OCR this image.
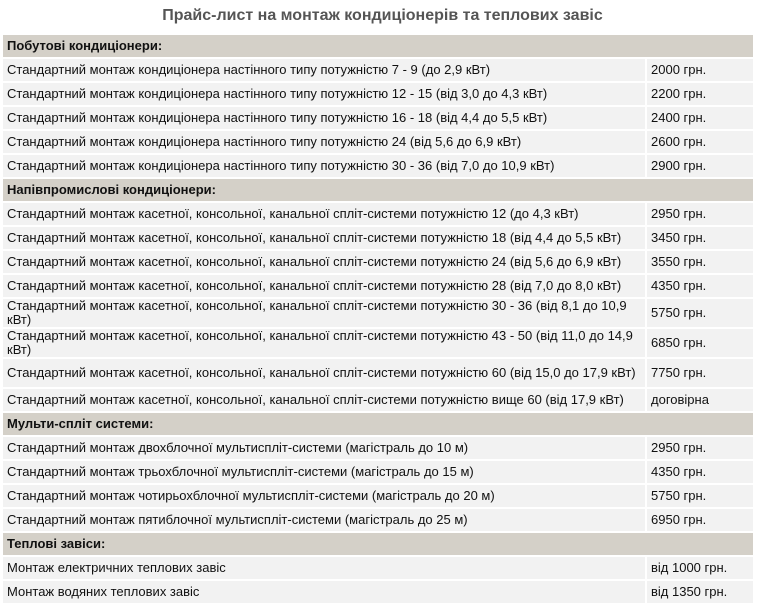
Прайс-лист на монтаж кондиціонерів та теплових завіс
Побутові кондиціонери:	
Стандартний монтаж кондиціонера настінного типу потужністю 7 - 9 (до 2,9 кВт)	2000 грн.
Стандартний монтаж кондиціонера настінного типу потужністю 12 - 15 (від 3,0 до 4,3 кВт)	2200 грн.
Стандартний монтаж кондиціонера настінного типу потужністю 16 - 18 (від 4,4 до 5,5 кВт)	2400 грн.
Стандартний монтаж кондиціонера настінного типу потужністю 24 (від 5,6 до 6,9 кВт)	2600 грн.
Стандартний монтаж кондиціонера настінного типу потужністю 30 - 36 (від 7,0 до 10,9 кВт)	2900 грн.
Напівпромислові кондиціонери:	
Стандартний монтаж касетної, консольної, канальної спліт-системи потужністю 12 (до 4,3 кВт)	2950 грн.
Стандартний монтаж касетної, консольної, канальної спліт-системи потужністю 18 (від 4,4 до 5,5 кВт)	3450 грн.
Стандартний монтаж касетної, консольної, канальної спліт-системи потужністю 24 (від 5,6 до 6,9 кВт)	3550 грн.
Стандартний монтаж касетної, консольної, канальної спліт-системи потужністю 28 (від 7,0 до 8,0 кВт)	4350 грн.
Стандартний монтаж касетної, консольної, канальної спліт-системи потужністю 30 - 36 (від 8,1 до 10,9 кВт)	5750 грн.
Стандартний монтаж касетної, консольної, канальної спліт-системи потужністю 43 - 50 (від 11,0 до 14,9 кВт)	6850 грн.
Стандартний монтаж касетної, консольної, канальної спліт-системи потужністю 60 (від 15,0 до 17,9 кВт)	7750 грн.
Стандартний монтаж касетної, консольної, канальної спліт-системи потужністю вище 60 (від 17,9 кВт)	договірна
Мульти-спліт системи:	
Стандартний монтаж двохблочної мультиспліт-системи (магістраль до 10 м)	2950 грн.
Стандартний монтаж трьохблочної мультиспліт-системи (магістраль до 15 м)	4350 грн.
Стандартний монтаж чотирьохблочної мультиспліт-системи (магістраль до 20 м)	5750 грн.
Стандартний монтаж пятиблочної мультиспліт-системи (магістраль до 25 м)	6950 грн.
Теплові завіси:	
Монтаж електричних теплових завіс	від 1000 грн.
Монтаж водяних теплових завіс	від 1350 грн.
